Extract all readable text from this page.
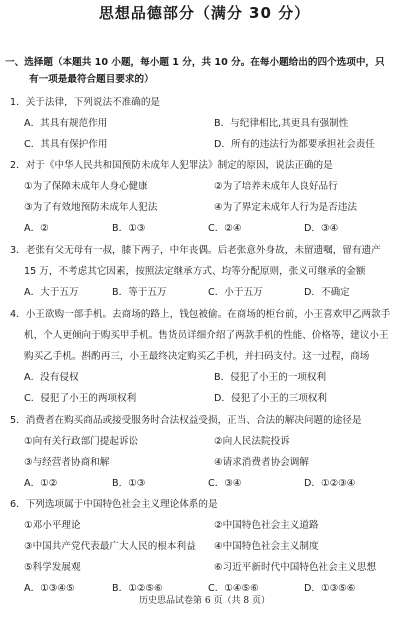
思想品德部分（满分 30 分）
一、选择题（本题共 10 小题，每小题 1 分，共 10 分。在每小题给出的四个选项中，只
有一项是最符合题目要求的）
1．关于法律，下列说法不准确的是
A．其具有规范作用	B．与纪律相比,其更具有强制性
C．其具有保护作用	D．所有的违法行为都要承担社会责任
2．对于《中华人民共和国预防未成年人犯罪法》制定的原因，说法正确的是
①为了保障未成年人身心健康	②为了培养未成年人良好品行
③为了有效地预防未成年人犯法	④为了界定未成年人行为是否违法
A．②	B．①③	C．②④	D．③④
3．老张有父无母有一叔，膝下两子，中年丧偶。后老张意外身故，未留遗嘱，留有遗产
15 万，不考虑其它因素，按照法定继承方式、均等分配原则，张义可继承的金额
A．大于五万	B．等于五万	C．小于五万	D．不确定
4．小王欲购一部手机。去商场的路上，钱包被偷。在商场的柜台前，小王喜欢甲乙两款手
机，个人更倾向于购买甲手机。售货员详细介绍了两款手机的性能、价格等，建议小王
购买乙手机。斟酌再三，小王最终决定购买乙手机，并扫码支付。这一过程，商场
A．没有侵权	B．侵犯了小王的一项权利
C．侵犯了小王的两项权利	D．侵犯了小王的三项权利
5．消费者在购买商品或接受服务时合法权益受损，正当、合法的解决问题的途径是
①向有关行政部门提起诉讼	②向人民法院投诉
③与经营者协商和解	④请求消费者协会调解
A．①②	B．①③	C．③④	D．①②③④
6．下列选项属于中国特色社会主义理论体系的是
①邓小平理论	②中国特色社会主义道路
③中国共产党代表最广大人民的根本利益 ④中国特色社会主义制度
⑤科学发展观	⑥习近平新时代中国特色社会主义思想
A．①③④⑤	B．①②⑤⑥	C．①④⑤⑥	D．①③⑤⑥
历史思品试卷第 6 页（共 8 页）
